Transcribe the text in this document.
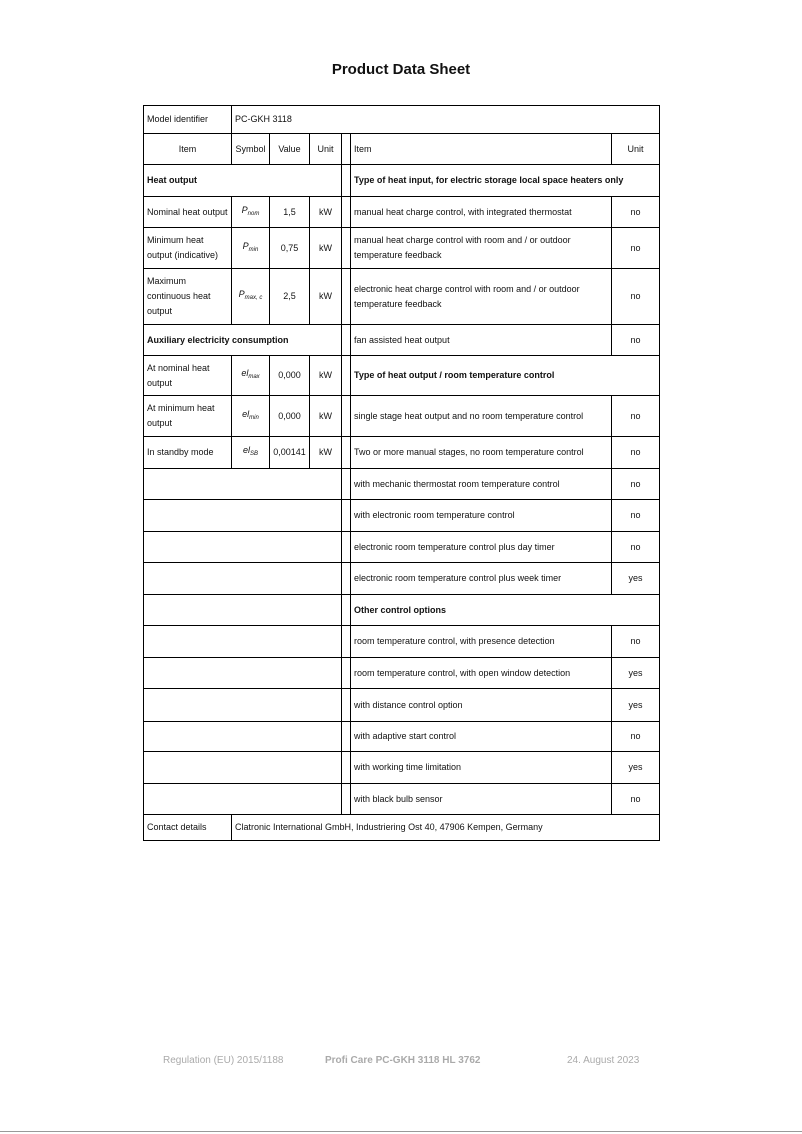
Product Data Sheet
Model identifier	PC-GKH 3118					
Item	Symbol	Value	Unit		Item	Unit
Heat output					Type of heat input, for electric storage local space heaters only	
Nominal heat output	$P_{nom}$	1,5	kW		manual heat charge control, with integrated thermostat	no
Minimum heat output (indicative)	$P_{min}$	0,75	kW		manual heat charge control with room and / or outdoor temperature feedback	no
Maximum continuous heat output	$P_{max, c}$	2,5	kW		electronic heat charge control with room and / or outdoor temperature feedback	no
Auxiliary electricity consumption					fan assisted heat output	no
At nominal heat output	$el_{max}$	0,000	kW		Type of heat output / room temperature control	
At minimum heat output	$el_{min}$	0,000	kW		single stage heat output and no room temperature control	no
In standby mode	$el_{SB}$	0,00141	kW		Two or more manual stages, no room temperature control	no
					with mechanic thermostat room temperature control	no
					with electronic room temperature control	no
					electronic room temperature control plus day timer	no
					electronic room temperature control plus week timer	yes
					Other control options	
					room temperature control, with presence detection	no
					room temperature control, with open window detection	yes
					with distance control option	yes
					with adaptive start control	no
					with working time limitation	yes
					with black bulb sensor	no
Contact details	Clatronic International GmbH, Industriering Ost 40, 47906 Kempen, Germany					
Regulation (EU) 2015/1188	Profi Care PC-GKH 3118 HL 3762	24. August 2023
